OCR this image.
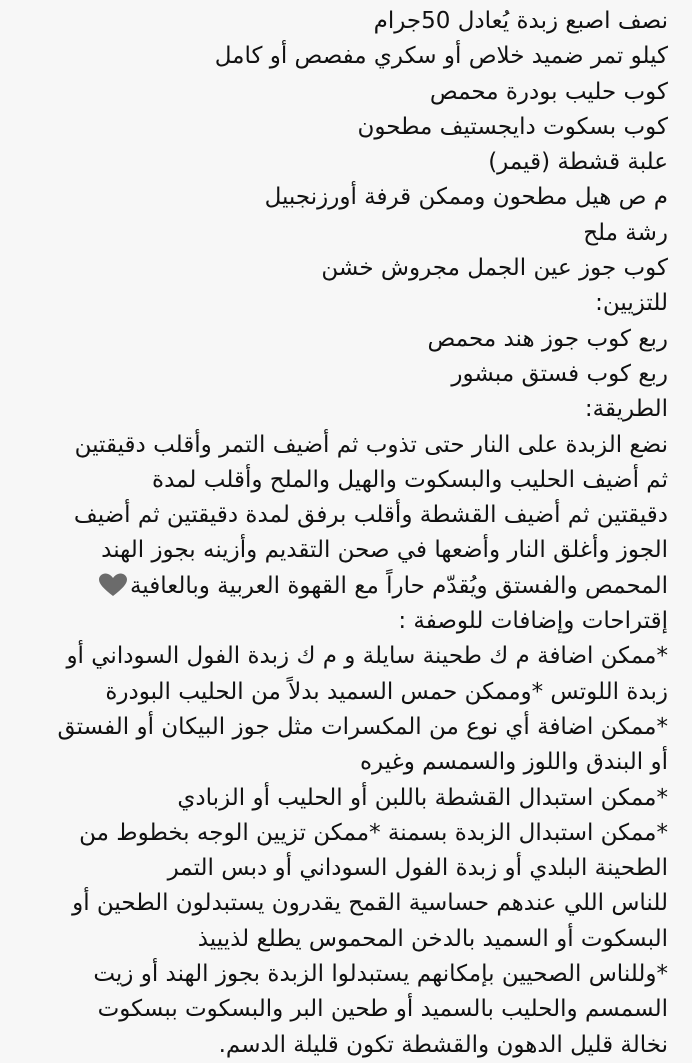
نصف اصبع زبدة يُعادل 50جرام
كيلو تمر ضميد خلاص أو سكري مفصص أو كامل
كوب حليب بودرة محمص
كوب بسكوت دايجستيف مطحون
علبة قشطة (قيمر)
م ص هيل مطحون وممكن قرفة أورزنجبيل
رشة ملح
كوب جوز عين الجمل مجروش خشن
للتزيين:
ربع كوب جوز هند محمص
ربع كوب فستق مبشور
الطريقة:
نضع الزبدة على النار حتى تذوب ثم أضيف التمر وأقلب دقيقتين
ثم أضيف الحليب والبسكوت والهيل والملح وأقلب لمدة
دقيقتين ثم أضيف القشطة وأقلب برفق لمدة دقيقتين ثم أضيف
الجوز وأغلق النار وأضعها في صحن التقديم وأزينه بجوز الهند
المحمص والفستق ويُقدّم حاراً مع القهوة العربية وبالعافية
إقتراحات وإضافات للوصفة :
*ممكن اضافة م ك طحينة سايلة و م ك زبدة الفول السوداني أو
زبدة اللوتس *وممكن حمس السميد بدلاً من الحليب البودرة
*ممكن اضافة أي نوع من المكسرات مثل جوز البيكان أو الفستق
أو البندق واللوز والسمسم وغيره
*ممكن استبدال القشطة باللبن أو الحليب أو الزبادي
*ممكن استبدال الزبدة بسمنة *ممكن تزيين الوجه بخطوط من
الطحينة البلدي أو زبدة الفول السوداني أو دبس التمر
للناس اللي عندهم حساسية القمح يقدرون يستبدلون الطحين أو
البسكوت أو السميد بالدخن المحموس يطلع لذيييذ
*وللناس الصحيين بإمكانهم يستبدلوا الزبدة بجوز الهند أو زيت
السمسم والحليب بالسميد أو طحين البر والبسكوت ببسكوت
نخالة قليل الدهون والقشطة تكون قليلة الدسم.
